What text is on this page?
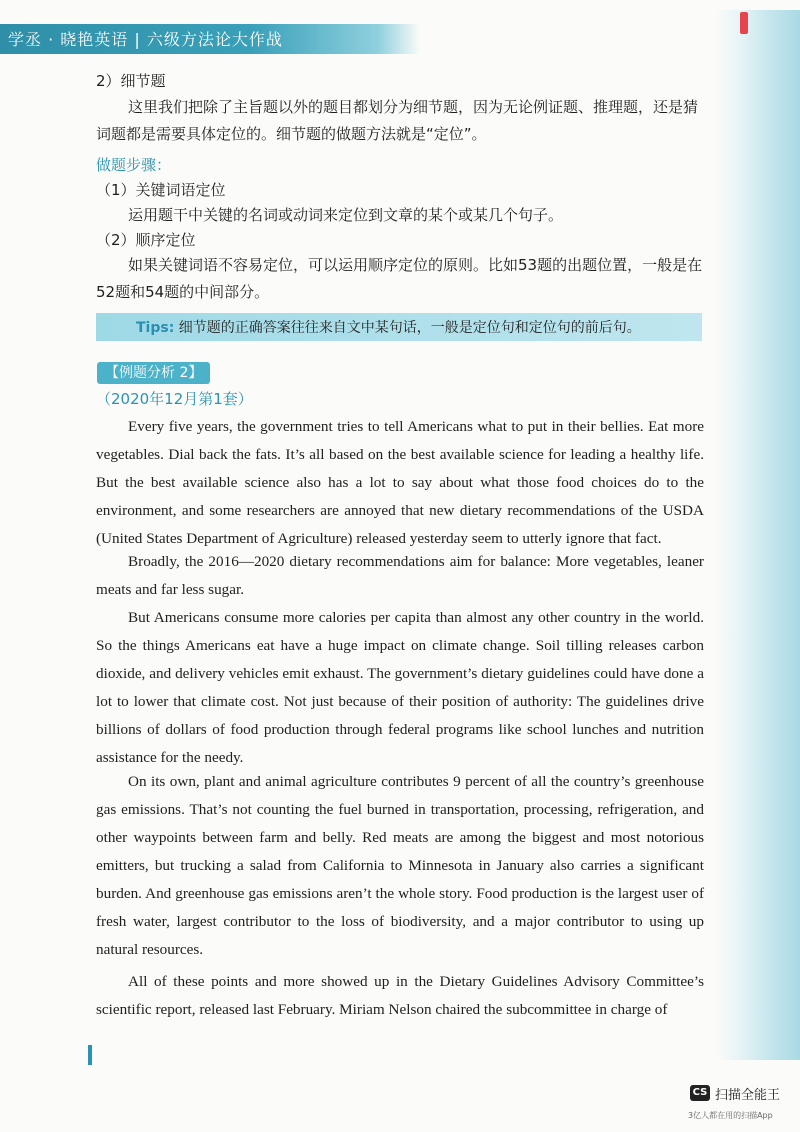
学丞 · 晓艳英语 | 六级方法论大作战
2）细节题
这里我们把除了主旨题以外的题目都划分为细节题，因为无论例证题、推理题，还是猜词题都是需要具体定位的。细节题的做题方法就是“定位”。
做题步骤：
（1）关键词语定位
运用题干中关键的名词或动词来定位到文章的某个或某几个句子。
（2）顺序定位
如果关键词语不容易定位，可以运用顺序定位的原则。比如53题的出题位置，一般是在52题和54题的中间部分。
Tips: 细节题的正确答案往往来自文中某句话，一般是定位句和定位句的前后句。
【例题分析 2】
（2020年12月第1套）
Every five years, the government tries to tell Americans what to put in their bellies. Eat more vegetables. Dial back the fats. It’s all based on the best available science for leading a healthy life. But the best available science also has a lot to say about what those food choices do to the environment, and some researchers are annoyed that new dietary recommendations of the USDA (United States Department of Agriculture) released yesterday seem to utterly ignore that fact.
Broadly, the 2016—2020 dietary recommendations aim for balance: More vegetables, leaner meats and far less sugar.
But Americans consume more calories per capita than almost any other country in the world. So the things Americans eat have a huge impact on climate change. Soil tilling releases carbon dioxide, and delivery vehicles emit exhaust. The government’s dietary guidelines could have done a lot to lower that climate cost. Not just because of their position of authority: The guidelines drive billions of dollars of food production through federal programs like school lunches and nutrition assistance for the needy.
On its own, plant and animal agriculture contributes 9 percent of all the country’s greenhouse gas emissions. That’s not counting the fuel burned in transportation, processing, refrigeration, and other waypoints between farm and belly. Red meats are among the biggest and most notorious emitters, but trucking a salad from California to Minnesota in January also carries a significant burden. And greenhouse gas emissions aren’t the whole story. Food production is the largest user of fresh water, largest contributor to the loss of biodiversity, and a major contributor to using up natural resources.
All of these points and more showed up in the Dietary Guidelines Advisory Committee’s scientific report, released last February. Miriam Nelson chaired the subcommittee in charge of
CS 扫描全能王
3亿人都在用的扫描App
